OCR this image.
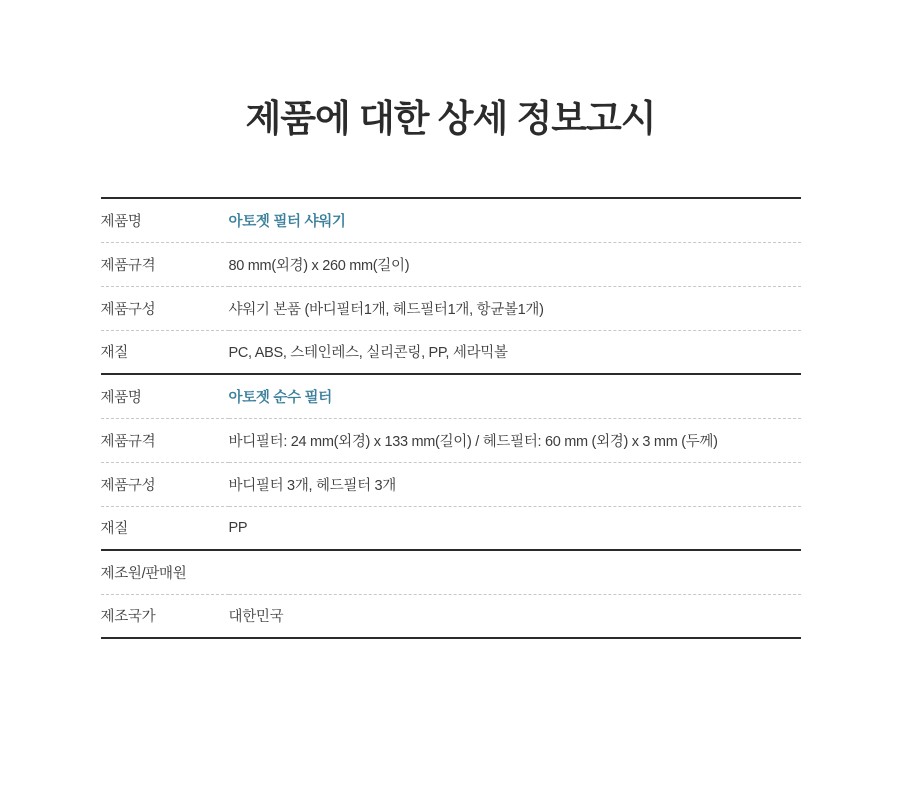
제품에 대한 상세 정보고시
제품명	아토젯 필터 샤워기
제품규격	80 mm(외경) x 260 mm(길이)
제품구성	샤워기 본품 (바디필터1개, 헤드필터1개, 항균볼1개)
재질	PC, ABS, 스테인레스, 실리콘링, PP, 세라믹볼
제품명	아토젯 순수 필터
제품규격	바디필터: 24 mm(외경) x 133 mm(길이) / 헤드필터: 60 mm (외경) x 3 mm (두께)
제품구성	바디필터 3개, 헤드필터 3개
재질	PP
제조원/판매원	
제조국가	대한민국
